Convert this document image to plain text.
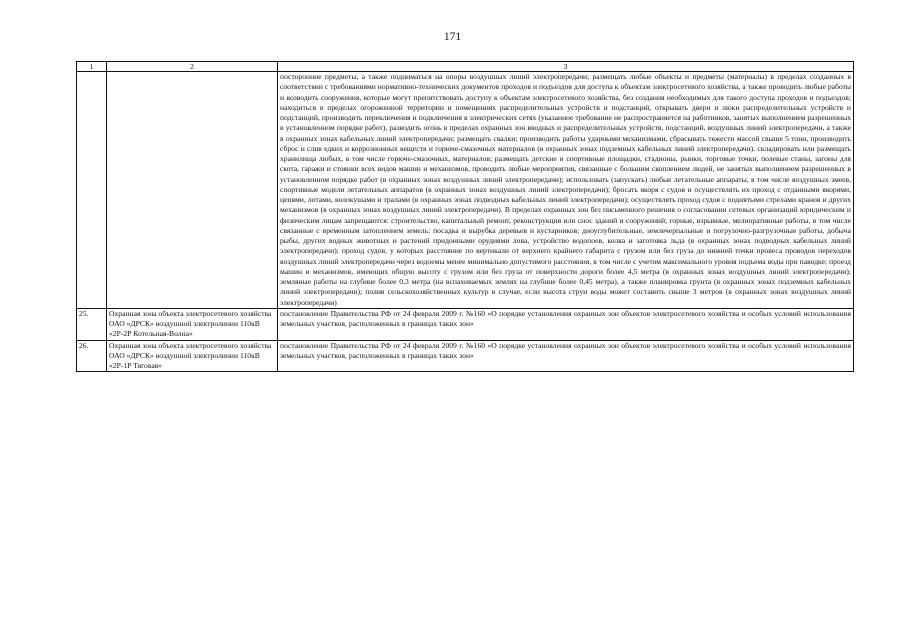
171
1	2	3
		посторонние предметы, а также подниматься на опоры воздушных линий электропередачи; размещать любые объекты и предметы (материалы) в пределах созданных в соответствии с требованиями нормативно-технических документов проходов и подъездов для доступа к объектам электросетевого хозяйства, а также проводить любые работы и возводить сооружения, которые могут препятствовать доступу к объектам электросетевого хозяйства, без создания необходимых для такого доступа проходов и подъездов; находиться в пределах огороженной территории и помещениях распределительных устройств и подстанций, открывать двери и люки распределительных устройств и подстанций, производить переключения и подключения в электрических сетях (указанное требование не распространяется на работников, занятых выполнением разрешенных в установленном порядке работ), разводить огонь в пределах охранных зон вводных и распределительных устройств, подстанций, воздушных линий электропередачи, а также в охранных зонах кабельных линий электропередачи; размещать свалки; производить работы ударными механизмами, сбрасывать тяжести массой свыше 5 тонн, производить сброс и слив едких и коррозионных веществ и горюче-смазочных материалов (в охранных зонах подземных кабельных линий электропередачи). складировать или размещать хранилища любых, в том числе горюче-смазочных, материалов; размещать детские и спортивные площадки, стадионы, рынки, торговые точки, полевые станы, загоны для скота, гаражи и стоянки всех видов машин и механизмов, проводить любые мероприятия, связанные с большим скоплением людей, не занятых выполнением разрешенных в установленном порядке работ (в охранных зонах воздушных линий электропередачи); использовать (запускать) любые летательные аппараты, в том числе воздушных змеев, спортивные модели летательных аппаратов (в охранных зонах воздушных линий электропередачи); бросать якоря с судов и осуществлять их проход с отданными якорями, цепями, лотами, волокушами и тралами (в охранных зонах подводных кабельных линий электропередачи); осуществлять проход судов с поднятыми стрелами кранов и других механизмов (в охранных зонах воздушных линий электропередачи). В пределах охранных зон без письменного решения о согласовании сетевых организаций юридическим и физическим лицам запрещаются: строительство, капитальный ремонт, реконструкция или снос зданий и сооружений; горные, взрывные, мелиоративные работы, в том числе связанные с временным затоплением земель; посадка и вырубка деревьев и кустарников; дноуглубительные, землечерпальные и погрузочно-разгрузочные работы, добыча рыбы, других водных животных и растений придонными орудиями лова, устройство водопоев, колка и заготовка льда (в охранных зонах подводных кабельных линий электропередачи); проход судов, у которых расстояние по вертикали от верхнего крайнего габарита с грузом или без груза до нижней точки провеса проводов переходов воздушных линий электропередачи через водоемы менее минимально допустимого расстояния, в том числе с учетом максимального уровня подъема воды при паводке; проезд машин и механизмов, имеющих общую высоту с грузом или без груза от поверхности дороги более 4,5 метра (в охранных зонах воздушных линий электропередачи); земляные работы на глубине более 0,3 метра (на вспахиваемых землях на глубине более 0,45 метра), а также планировка грунта (в охранных зонах подземных кабельных линий электропередачи); полив сельскохозяйственных культур в случае, если высота струи воды может составить свыше 3 метров (в охранных зонах воздушных линий электропередачи)
25.	Охранная зона объекта электросетевого хозяйства ОАО «ДРСК» воздушной электролинии 110кВ «2Р-2Р Котельная-Волна»	постановление Правительства РФ от 24 февраля 2009 г. №160 «О порядке установления охранных зон объектов электросетевого хозяйства и особых условий использования земельных участков, расположенных в границах таких зон»
26.	Охранная зона объекта электросетевого хозяйства ОАО «ДРСК» воздушной электролинии 110кВ «2Р-1Р Тяговая»	постановление Правительства РФ от 24 февраля 2009 г. №160 «О порядке установления охранных зон объектов электросетевого хозяйства и особых условий использования земельных участков, расположенных в границах таких зон»
